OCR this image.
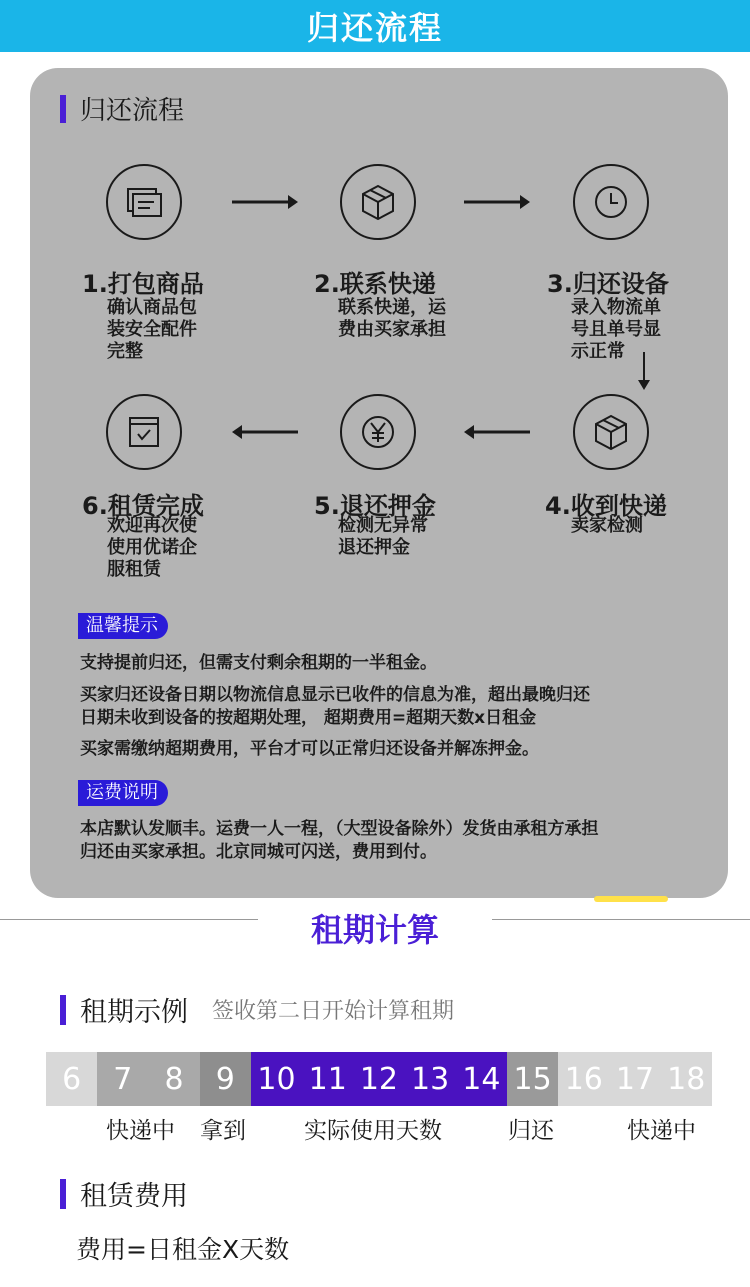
归还流程
归还流程
1.打包商品
确认商品包
装安全配件
完整
2.联系快递
联系快递，运
费由买家承担
3.归还设备
录入物流单
号且单号显
示正常
6.租赁完成
欢迎再次使
使用优诺企
服租赁
5.退还押金
检测无异常
退还押金
4.收到快递
卖家检测
温馨提示
支持提前归还，但需支付剩余租期的一半租金。
买家归还设备日期以物流信息显示已收件的信息为准，超出最晚归还
日期未收到设备的按超期处理， 超期费用=超期天数x日租金
买家需缴纳超期费用，平台才可以正常归还设备并解冻押金。
运费说明
本店默认发顺丰。运费一人一程，（大型设备除外）发货由承租方承担
归还由买家承担。北京同城可闪送，费用到付。
租期计算
租期示例 签收第二日开始计算租期
6	7	8	9 10 11 12 13 14 15 16 17 18
快递中 拿到	实际使用天数	归还	快递中
租赁费用
费用=日租金X天数
